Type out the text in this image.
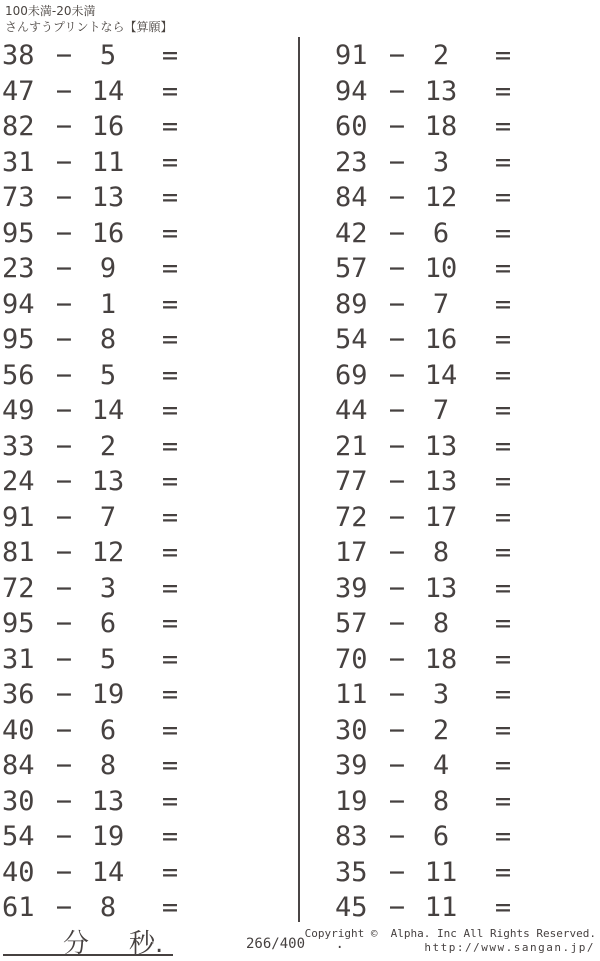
100未満-20未満
さんすうプリントなら【算願】
38 −	5	=
47 − 14	=
82 − 16	=
31 − 11	=
73 − 13	=
95 − 16	=
23 −	9	=
94 −	1	=
95 −	8	=
56 −	5	=
49 − 14	=
33 −	2	=
24 − 13	=
91 −	7	=
81 − 12	=
72 −	3	=
95 −	6	=
31 −	5	=
36 − 19	=
40 −	6	=
84 −	8	=
30 − 13	=
54 − 19	=
40 − 14	=
61 −	8	=
91 −	2	=
94 − 13	=
60 − 18	=
23 −	3	=
84 − 12	=
42 −	6	=
57 − 10	=
89 −	7	=
54 − 16	=
69 − 14	=
44 −	7	=
21 − 13	=
77 − 13	=
72 − 17	=
17 −	8	=
39 − 13	=
57 −	8	=
70 − 18	=
11 −	3	=
30 −	2	=
39 −	4	=
19 −	8	=
83 −	6	=
35 − 11	=
45 − 11	=
分 秒.	266/400 .
Copyright ©  Alpha. Inc All Rights Reserved.
http://www.sangan.jp/
